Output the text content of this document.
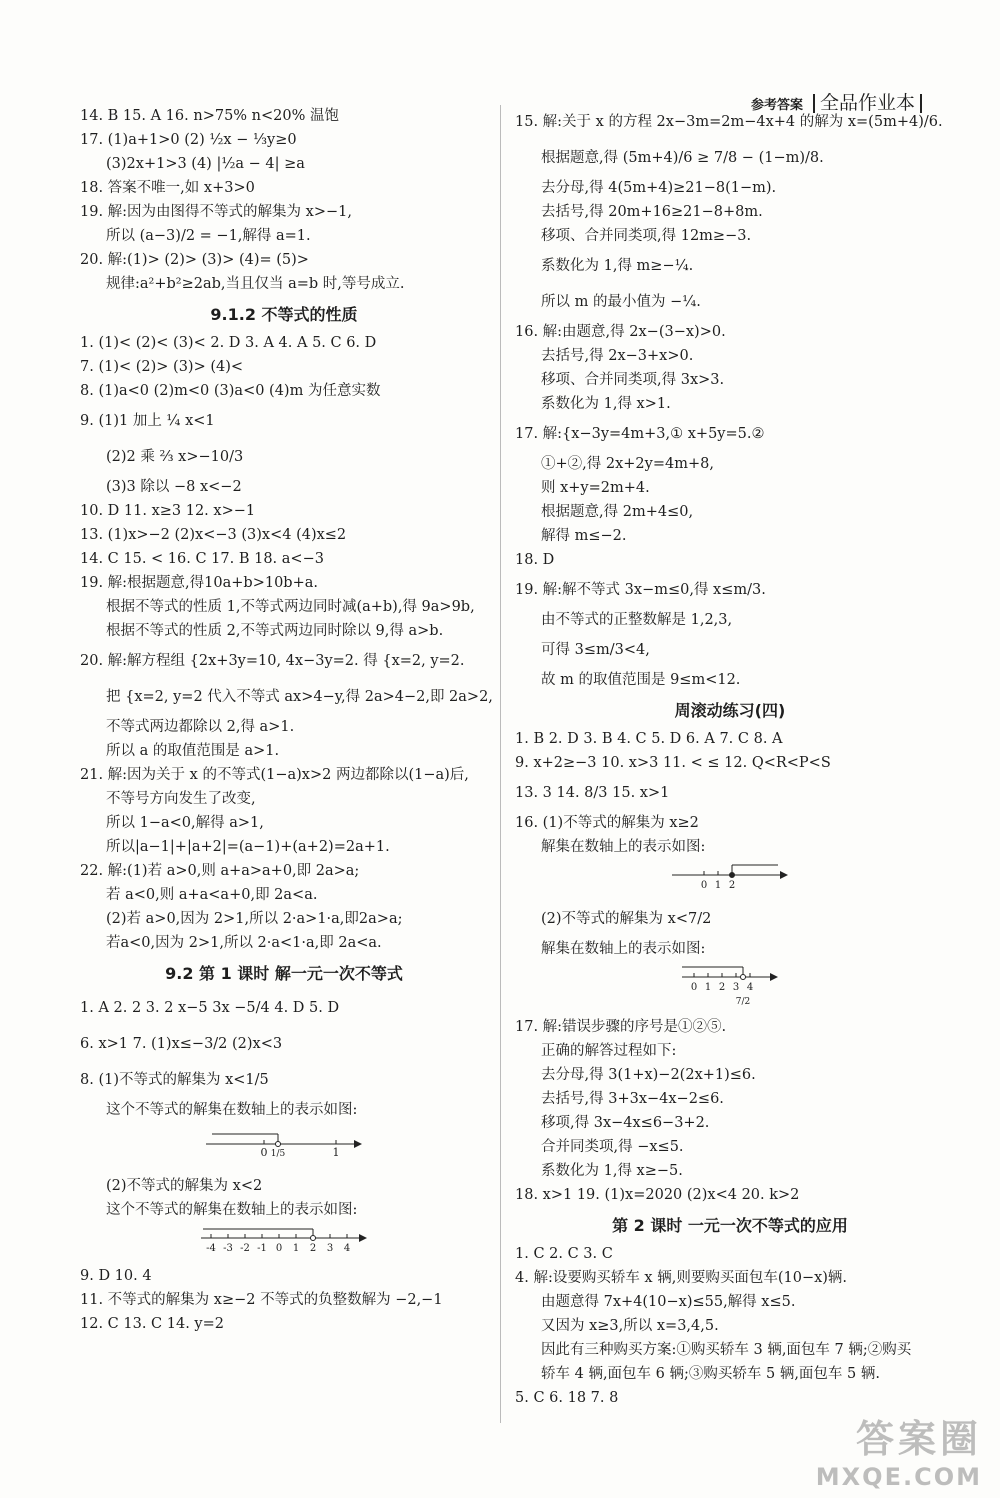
参考答案 全品作业本
14. B 15. A 16. n>75% n<20% 温饱
17. (1)a+1>0 (2) ½x − ⅓y≥0
(3)2x+1>3 (4) |½a − 4| ≥a
18. 答案不唯一,如 x+3>0
19. 解:因为由图得不等式的解集为 x>−1,
所以 (a−3)/2 = −1,解得 a=1.
20. 解:(1)> (2)> (3)> (4)= (5)>
规律:a²+b²≥2ab,当且仅当 a=b 时,等号成立.
9.1.2 不等式的性质
1. (1)< (2)< (3)< 2. D 3. A 4. A 5. C 6. D
7. (1)< (2)> (3)> (4)<
8. (1)a<0 (2)m<0 (3)a<0 (4)m 为任意实数
9. (1)1 加上 ¼ x<1
(2)2 乘 ⅔ x>−10/3
(3)3 除以 −8 x<−2
10. D 11. x≥3 12. x>−1
13. (1)x>−2 (2)x<−3 (3)x<4 (4)x≤2
14. C 15. < 16. C 17. B 18. a<−3
19. 解:根据题意,得10a+b>10b+a.
根据不等式的性质 1,不等式两边同时减(a+b),得 9a>9b,
根据不等式的性质 2,不等式两边同时除以 9,得 a>b.
20. 解:解方程组 {2x+3y=10, 4x−3y=2. 得 {x=2, y=2.
把 {x=2, y=2 代入不等式 ax>4−y,得 2a>4−2,即 2a>2,
不等式两边都除以 2,得 a>1.
所以 a 的取值范围是 a>1.
21. 解:因为关于 x 的不等式(1−a)x>2 两边都除以(1−a)后,
不等号方向发生了改变,
所以 1−a<0,解得 a>1,
所以|a−1|+|a+2|=(a−1)+(a+2)=2a+1.
22. 解:(1)若 a>0,则 a+a>a+0,即 2a>a;
若 a<0,则 a+a<a+0,即 2a<a.
(2)若 a>0,因为 2>1,所以 2·a>1·a,即2a>a;
若a<0,因为 2>1,所以 2·a<1·a,即 2a<a.
9.2 第 1 课时 解一元一次不等式
1. A 2. 2 3. 2 x−5 3x −5/4 4. D 5. D
6. x>1 7. (1)x≤−3/2 (2)x<3
8. (1)不等式的解集为 x<1/5
这个不等式的解集在数轴上的表示如图:
0	1
1/5
(2)不等式的解集为 x<2
这个不等式的解集在数轴上的表示如图:
-4 -3 -2 -1 0 1 2 3 4
9. D 10. 4
11. 不等式的解集为 x≥−2 不等式的负整数解为 −2,−1
12. C 13. C 14. y=2
15. 解:关于 x 的方程 2x−3m=2m−4x+4 的解为 x=(5m+4)/6.
根据题意,得 (5m+4)/6 ≥ 7/8 − (1−m)/8.
去分母,得 4(5m+4)≥21−8(1−m).
去括号,得 20m+16≥21−8+8m.
移项、合并同类项,得 12m≥−3.
系数化为 1,得 m≥−¼.
所以 m 的最小值为 −¼.
16. 解:由题意,得 2x−(3−x)>0.
去括号,得 2x−3+x>0.
移项、合并同类项,得 3x>3.
系数化为 1,得 x>1.
17. 解:{x−3y=4m+3,① x+5y=5.②
①+②,得 2x+2y=4m+8,
则 x+y=2m+4.
根据题意,得 2m+4≤0,
解得 m≤−2.
18. D
19. 解:解不等式 3x−m≤0,得 x≤m/3.
由不等式的正整数解是 1,2,3,
可得 3≤m/3<4,
故 m 的取值范围是 9≤m<12.
周滚动练习(四)
1. B 2. D 3. B 4. C 5. D 6. A 7. C 8. A
9. x+2≥−3 10. x>3 11. < ≤ 12. Q<R<P<S
13. 3 14. 8/3 15. x>1
16. (1)不等式的解集为 x≥2
解集在数轴上的表示如图:
0 1 2
(2)不等式的解集为 x<7/2
解集在数轴上的表示如图:
0 1 2 3 4
7/2
17. 解:错误步骤的序号是①②⑤.
正确的解答过程如下:
去分母,得 3(1+x)−2(2x+1)≤6.
去括号,得 3+3x−4x−2≤6.
移项,得 3x−4x≤6−3+2.
合并同类项,得 −x≤5.
系数化为 1,得 x≥−5.
18. x>1 19. (1)x=2020 (2)x<4 20. k>2
第 2 课时 一元一次不等式的应用
1. C 2. C 3. C
4. 解:设要购买轿车 x 辆,则要购买面包车(10−x)辆.
由题意得 7x+4(10−x)≤55,解得 x≤5.
又因为 x≥3,所以 x=3,4,5.
因此有三种购买方案:①购买轿车 3 辆,面包车 7 辆;②购买
轿车 4 辆,面包车 6 辆;③购买轿车 5 辆,面包车 5 辆.
5. C 6. 18 7. 8
答案圈
MXQE.COM
